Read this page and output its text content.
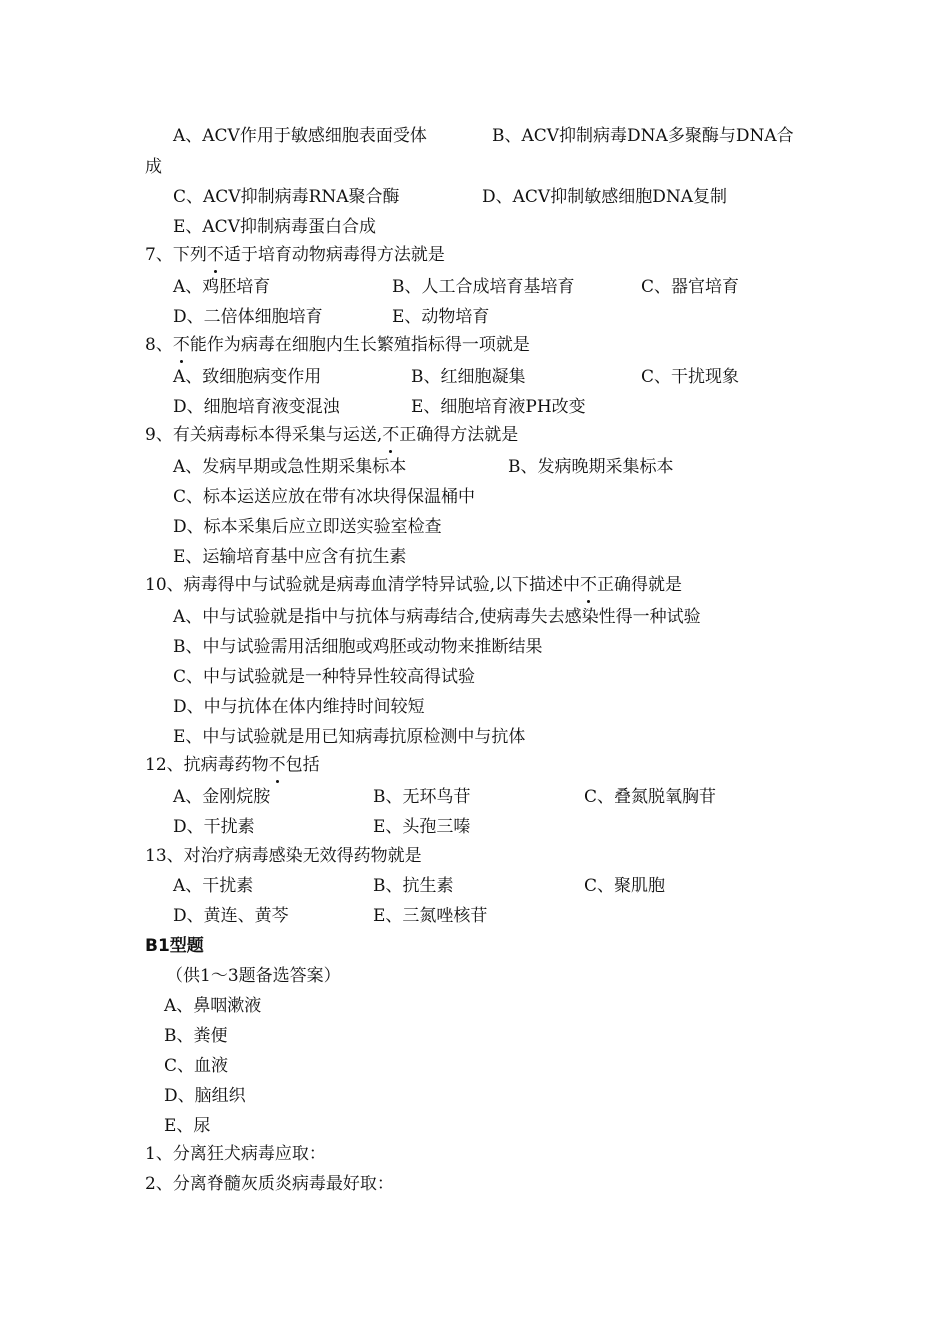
A、ACV作用于敏感细胞表面受体	B、ACV抑制病毒DNA多聚酶与DNA合
成
C、ACV抑制病毒RNA聚合酶	D、ACV抑制敏感细胞DNA复制
E、ACV抑制病毒蛋白合成
7、下列不适于培育动物病毒得方法就是
A、鸡胚培育	B、人工合成培育基培育	C、器官培育
D、二倍体细胞培育	E、动物培育
8、不能作为病毒在细胞内生长繁殖指标得一项就是
A、致细胞病变作用	B、红细胞凝集	C、干扰现象
D、细胞培育液变混浊	E、细胞培育液PH改变
9、有关病毒标本得采集与运送,不正确得方法就是
A、发病早期或急性期采集标本	B、发病晚期采集标本
C、标本运送应放在带有冰块得保温桶中
D、标本采集后应立即送实验室检查
E、运输培育基中应含有抗生素
10、病毒得中与试验就是病毒血清学特异试验,以下描述中不正确得就是
A、中与试验就是指中与抗体与病毒结合,使病毒失去感染性得一种试验
B、中与试验需用活细胞或鸡胚或动物来推断结果
C、中与试验就是一种特异性较高得试验
D、中与抗体在体内维持时间较短
E、中与试验就是用已知病毒抗原检测中与抗体
12、抗病毒药物不包括
A、金刚烷胺	B、无环鸟苷	C、叠氮脱氧胸苷
D、干扰素	E、头孢三嗪
13、对治疗病毒感染无效得药物就是
A、干扰素	B、抗生素	C、聚肌胞
D、黄连、黄芩	E、三氮唑核苷
B1型题
（供1～3题备选答案）
A、鼻咽漱液
B、粪便
C、血液
D、脑组织
E、尿
1、分离狂犬病毒应取：
2、分离脊髓灰质炎病毒最好取：
